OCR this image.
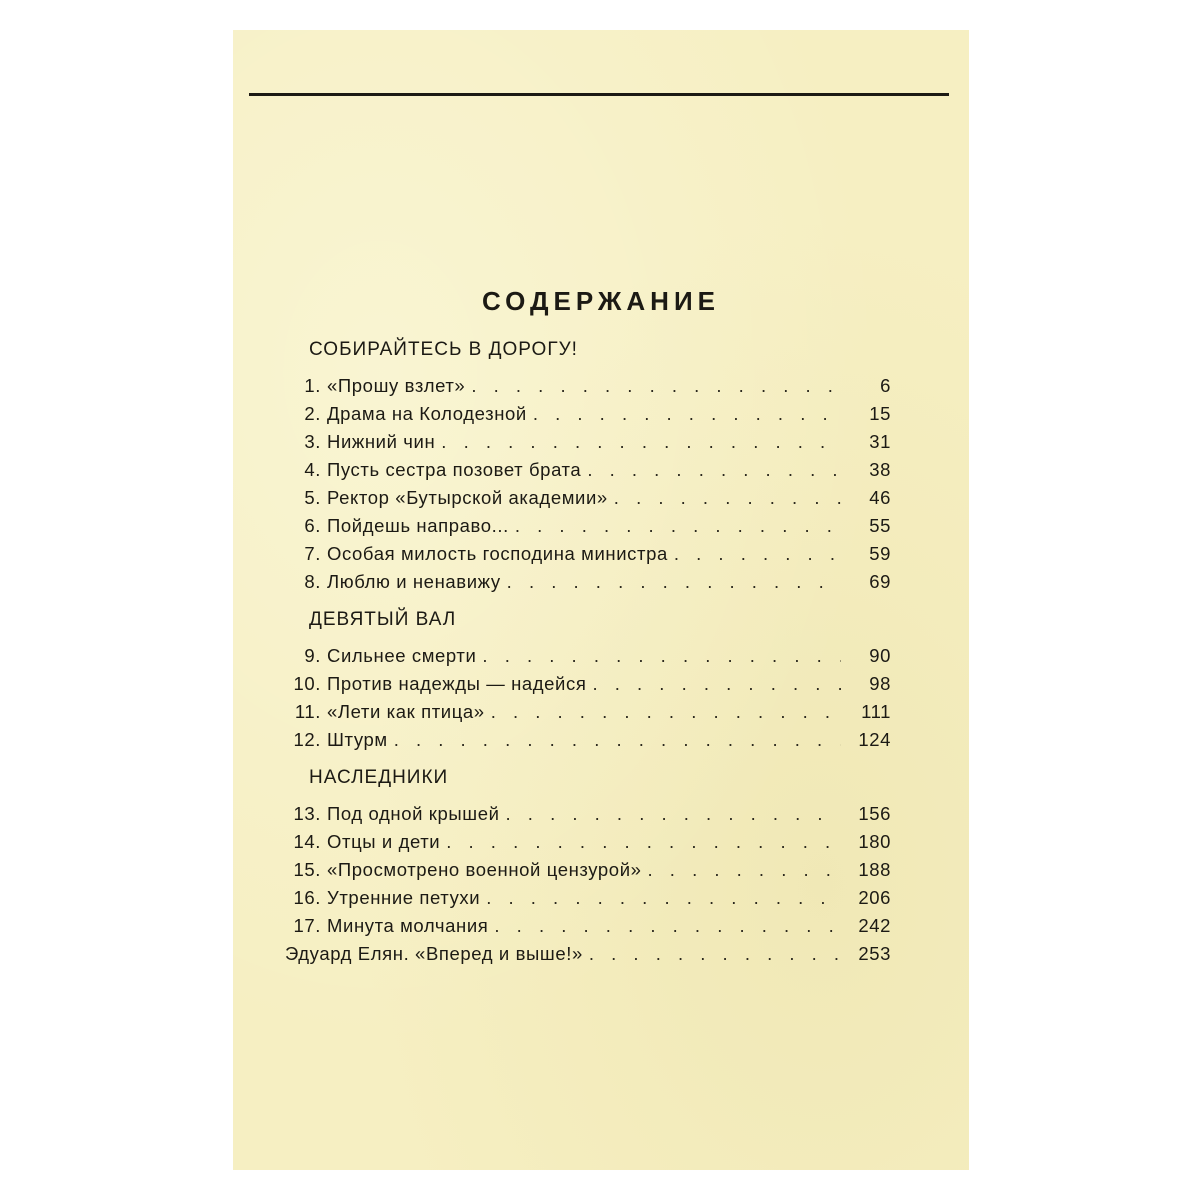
СОДЕРЖАНИЕ
СОБИРАЙТЕСЬ В ДОРОГУ!
1. «Прошу взлет» . . .	6
2. Драма на Колодезной . . .	15
3. Нижний чин . . .	31
4. Пусть сестра позовет брата . . .	38
5. Ректор «Бутырской академии» . . .	46
6. Пойдешь направо... . . .	55
7. Особая милость господина министра . . .	59
8. Люблю и ненавижу . . .	69
ДЕВЯТЫЙ ВАЛ
9. Сильнее смерти . . .	90
10. Против надежды — надейся . . .	98
11. «Лети как птица» . . .	111
12. Штурм . . .	124
НАСЛЕДНИКИ
13. Под одной крышей . . .	156
14. Отцы и дети . . .	180
15. «Просмотрено военной цензурой» . . .	188
16. Утренние петухи . . .	206
17. Минута молчания . . .	242
Эдуард Елян. «Вперед и выше!» . . .	253
